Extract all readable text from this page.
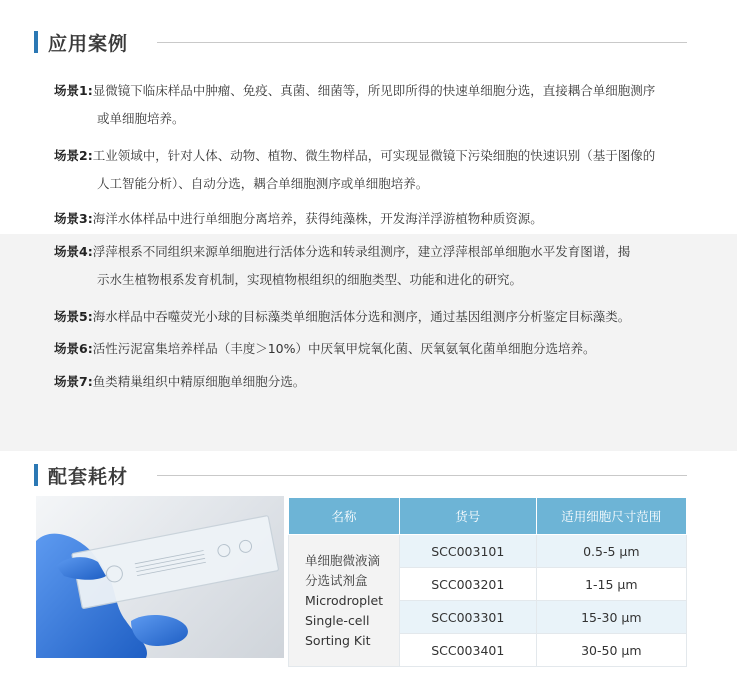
应用案例
场景1:显微镜下临床样品中肿瘤、免疫、真菌、细菌等，所见即所得的快速单细胞分选，直接耦合单细胞测序
或单细胞培养。
场景2:工业领域中，针对人体、动物、植物、微生物样品，可实现显微镜下污染细胞的快速识别（基于图像的
人工智能分析）、自动分选，耦合单细胞测序或单细胞培养。
场景3:海洋水体样品中进行单细胞分离培养，获得纯藻株，开发海洋浮游植物种质资源。
场景4:浮萍根系不同组织来源单细胞进行活体分选和转录组测序，建立浮萍根部单细胞水平发育图谱，揭
示水生植物根系发育机制，实现植物根组织的细胞类型、功能和进化的研究。
场景5:海水样品中吞噬荧光小球的目标藻类单细胞活体分选和测序，通过基因组测序分析鉴定目标藻类。
场景6:活性污泥富集培养样品（丰度＞10%）中厌氧甲烷氧化菌、厌氧氨氧化菌单细胞分选培养。
场景7:鱼类精巢组织中精原细胞单细胞分选。
配套耗材
名称	货号	适用细胞尺寸范围

单细胞微液滴
分选试剂盒
Microdroplet
Single-cell
Sorting Kit	SCC003101	0.5-5 μm
	SCC003201	1-15 μm
	SCC003301	15-30 μm
	SCC003401	30-50 μm
